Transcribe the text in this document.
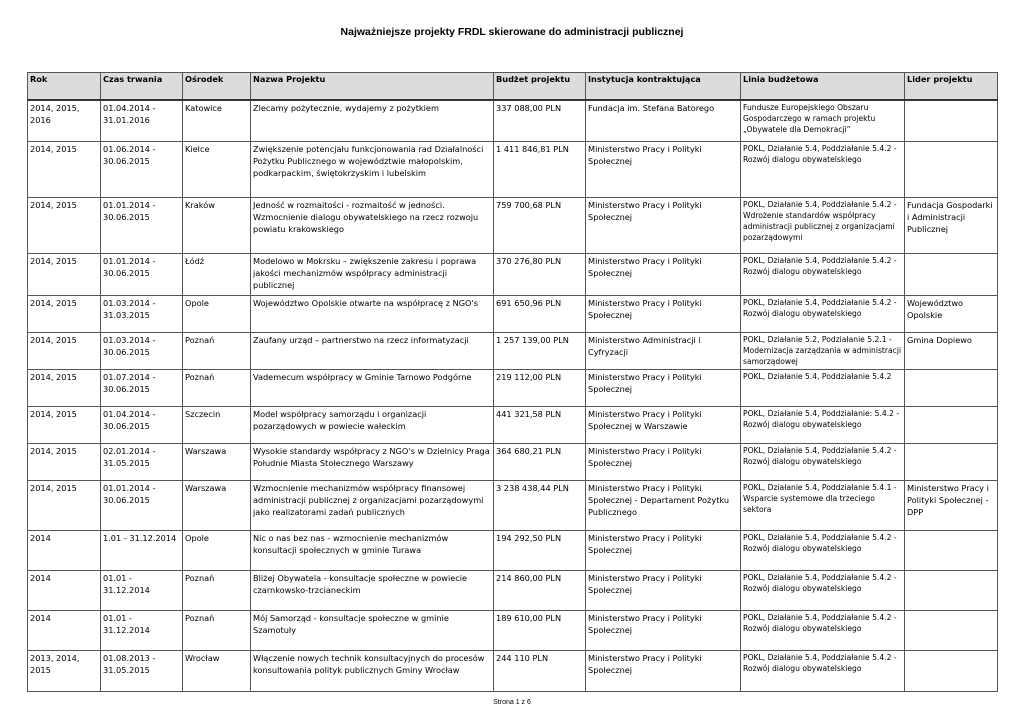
Najważniejsze projekty FRDL skierowane do administracji publicznej
Rok	Czas trwania	Ośrodek	Nazwa Projektu	Budżet projektu	Instytucja kontraktująca	Linia budżetowa	Lider projektu
2014, 2015, 2016	01.04.2014 - 31.01.2016	Katowice	Zlecamy pożytecznie, wydajemy z pożytkiem	337 088,00 PLN	Fundacja im. Stefana Batorego	Fundusze Europejskiego Obszaru Gospodarczego w ramach projektu „Obywatele dla Demokracji”	
2014, 2015	01.06.2014 - 30.06.2015	Kielce	Zwiększenie potencjału funkcjonowania rad Działalności Pożytku Publicznego w województwie małopolskim, podkarpackim, świętokrzyskim i lubelskim	1 411 846,81 PLN	Ministerstwo Pracy i Polityki Społecznej	POKL, Działanie 5.4, Poddziałanie 5.4.2 - Rozwój dialogu obywatelskiego	
2014, 2015	01.01.2014 - 30.06.2015	Kraków	Jedność w rozmaitości - rozmaitość w jedności. Wzmocnienie dialogu obywatelskiego na rzecz rozwoju powiatu krakowskiego	759 700,68 PLN	Ministerstwo Pracy i Polityki Społecznej	POKL, Działanie 5.4, Poddziałanie 5.4.2 - Wdrożenie standardów współpracy administracji publicznej z organizacjami pozarządowymi	Fundacja Gospodarki i Administracji Publicznej
2014, 2015	01.01.2014 - 30.06.2015	Łódź	Modelowo w Mokrsku – zwiększenie zakresu i poprawa jakości mechanizmów współpracy administracji publicznej	370 276,80 PLN	Ministerstwo Pracy i Polityki Społecznej	POKL, Działanie 5.4, Poddziałanie 5.4.2 - Rozwój dialogu obywatelskiego	
2014, 2015	01.03.2014 - 31.03.2015	Opole	Województwo Opolskie otwarte na współpracę z NGO's	691 650,96 PLN	Ministerstwo Pracy i Polityki Społecznej	POKL, Działanie 5.4, Poddziałanie 5.4.2 - Rozwój dialogu obywatelskiego	Województwo Opolskie
2014, 2015	01.03.2014 - 30.06.2015	Poznań	Zaufany urząd – partnerstwo na rzecz informatyzacji	1 257 139,00 PLN	Ministerstwo Administracji i Cyfryzacji	POKL, Działanie 5.2, Podziałanie 5.2.1 - Modernizacja zarządzania w administracji samorządowej	Gmina Dopiewo
2014, 2015	01.07.2014 - 30.06.2015	Poznań	Vademecum współpracy w Gminie Tarnowo Podgórne	219 112,00 PLN	Ministerstwo Pracy i Polityki Społecznej	POKL, Działanie 5.4, Poddziałanie 5.4.2	
2014, 2015	01.04.2014 - 30.06.2015	Szczecin	Model współpracy samorządu i organizacji pozarządowych w powiecie wałeckim	441 321,58 PLN	Ministerstwo Pracy i Polityki Społecznej w Warszawie	POKL, Działanie 5.4, Poddziałanie: 5.4.2 - Rozwój dialogu obywatelskiego	
2014, 2015	02.01.2014 - 31.05.2015	Warszawa	Wysokie standardy współpracy z NGO's w Dzielnicy Praga Południe Miasta Stołecznego Warszawy	364 680,21 PLN	Ministerstwo Pracy i Polityki Społecznej	POKL, Działanie 5.4, Poddziałanie 5.4.2 - Rozwój dialogu obywatelskiego	
2014, 2015	01.01.2014 - 30.06.2015	Warszawa	Wzmocnienie mechanizmów współpracy finansowej administracji publicznej z organizacjami pozarządowymi jako realizatorami zadań publicznych	3 238 438,44 PLN	Ministerstwo Pracy i Polityki Społecznej - Departament Pożytku Publicznego	POKL, Działanie 5.4, Poddziałanie 5.4.1 - Wsparcie systemowe dla trzeciego sektora	Ministerstwo Pracy i Polityki Społecznej - DPP
2014	1.01 - 31.12.2014	Opole	Nic o nas bez nas - wzmocnienie mechanizmów konsultacji społecznych w gminie Turawa	194 292,50 PLN	Ministerstwo Pracy i Polityki Społecznej	POKL, Działanie 5.4, Poddziałanie 5.4.2 - Rozwój dialogu obywatelskiego	
2014	01.01 - 31.12.2014	Poznań	Bliżej Obywatela - konsultacje społeczne w powiecie czarnkowsko-trzcianeckim	214 860,00 PLN	Ministerstwo Pracy i Polityki Społecznej	POKL, Działanie 5.4, Poddziałanie 5.4.2 - Rozwój dialogu obywatelskiego	
2014	01.01 - 31.12.2014	Poznań	Mój Samorząd - konsultacje społeczne w gminie Szamotuły	189 610,00 PLN	Ministerstwo Pracy i Polityki Społecznej	POKL, Działanie 5.4, Poddziałanie 5.4.2 - Rozwój dialogu obywatelskiego	
2013, 2014, 2015	01.08.2013 - 31.05.2015	Wrocław	Włączenie nowych technik konsultacyjnych do procesów konsultowania polityk publicznych Gminy Wrocław	244 110 PLN	Ministerstwo Pracy i Polityki Społecznej	POKL, Działanie 5.4, Poddziałanie 5.4.2 - Rozwój dialogu obywatelskiego	
Strona 1 z 6
